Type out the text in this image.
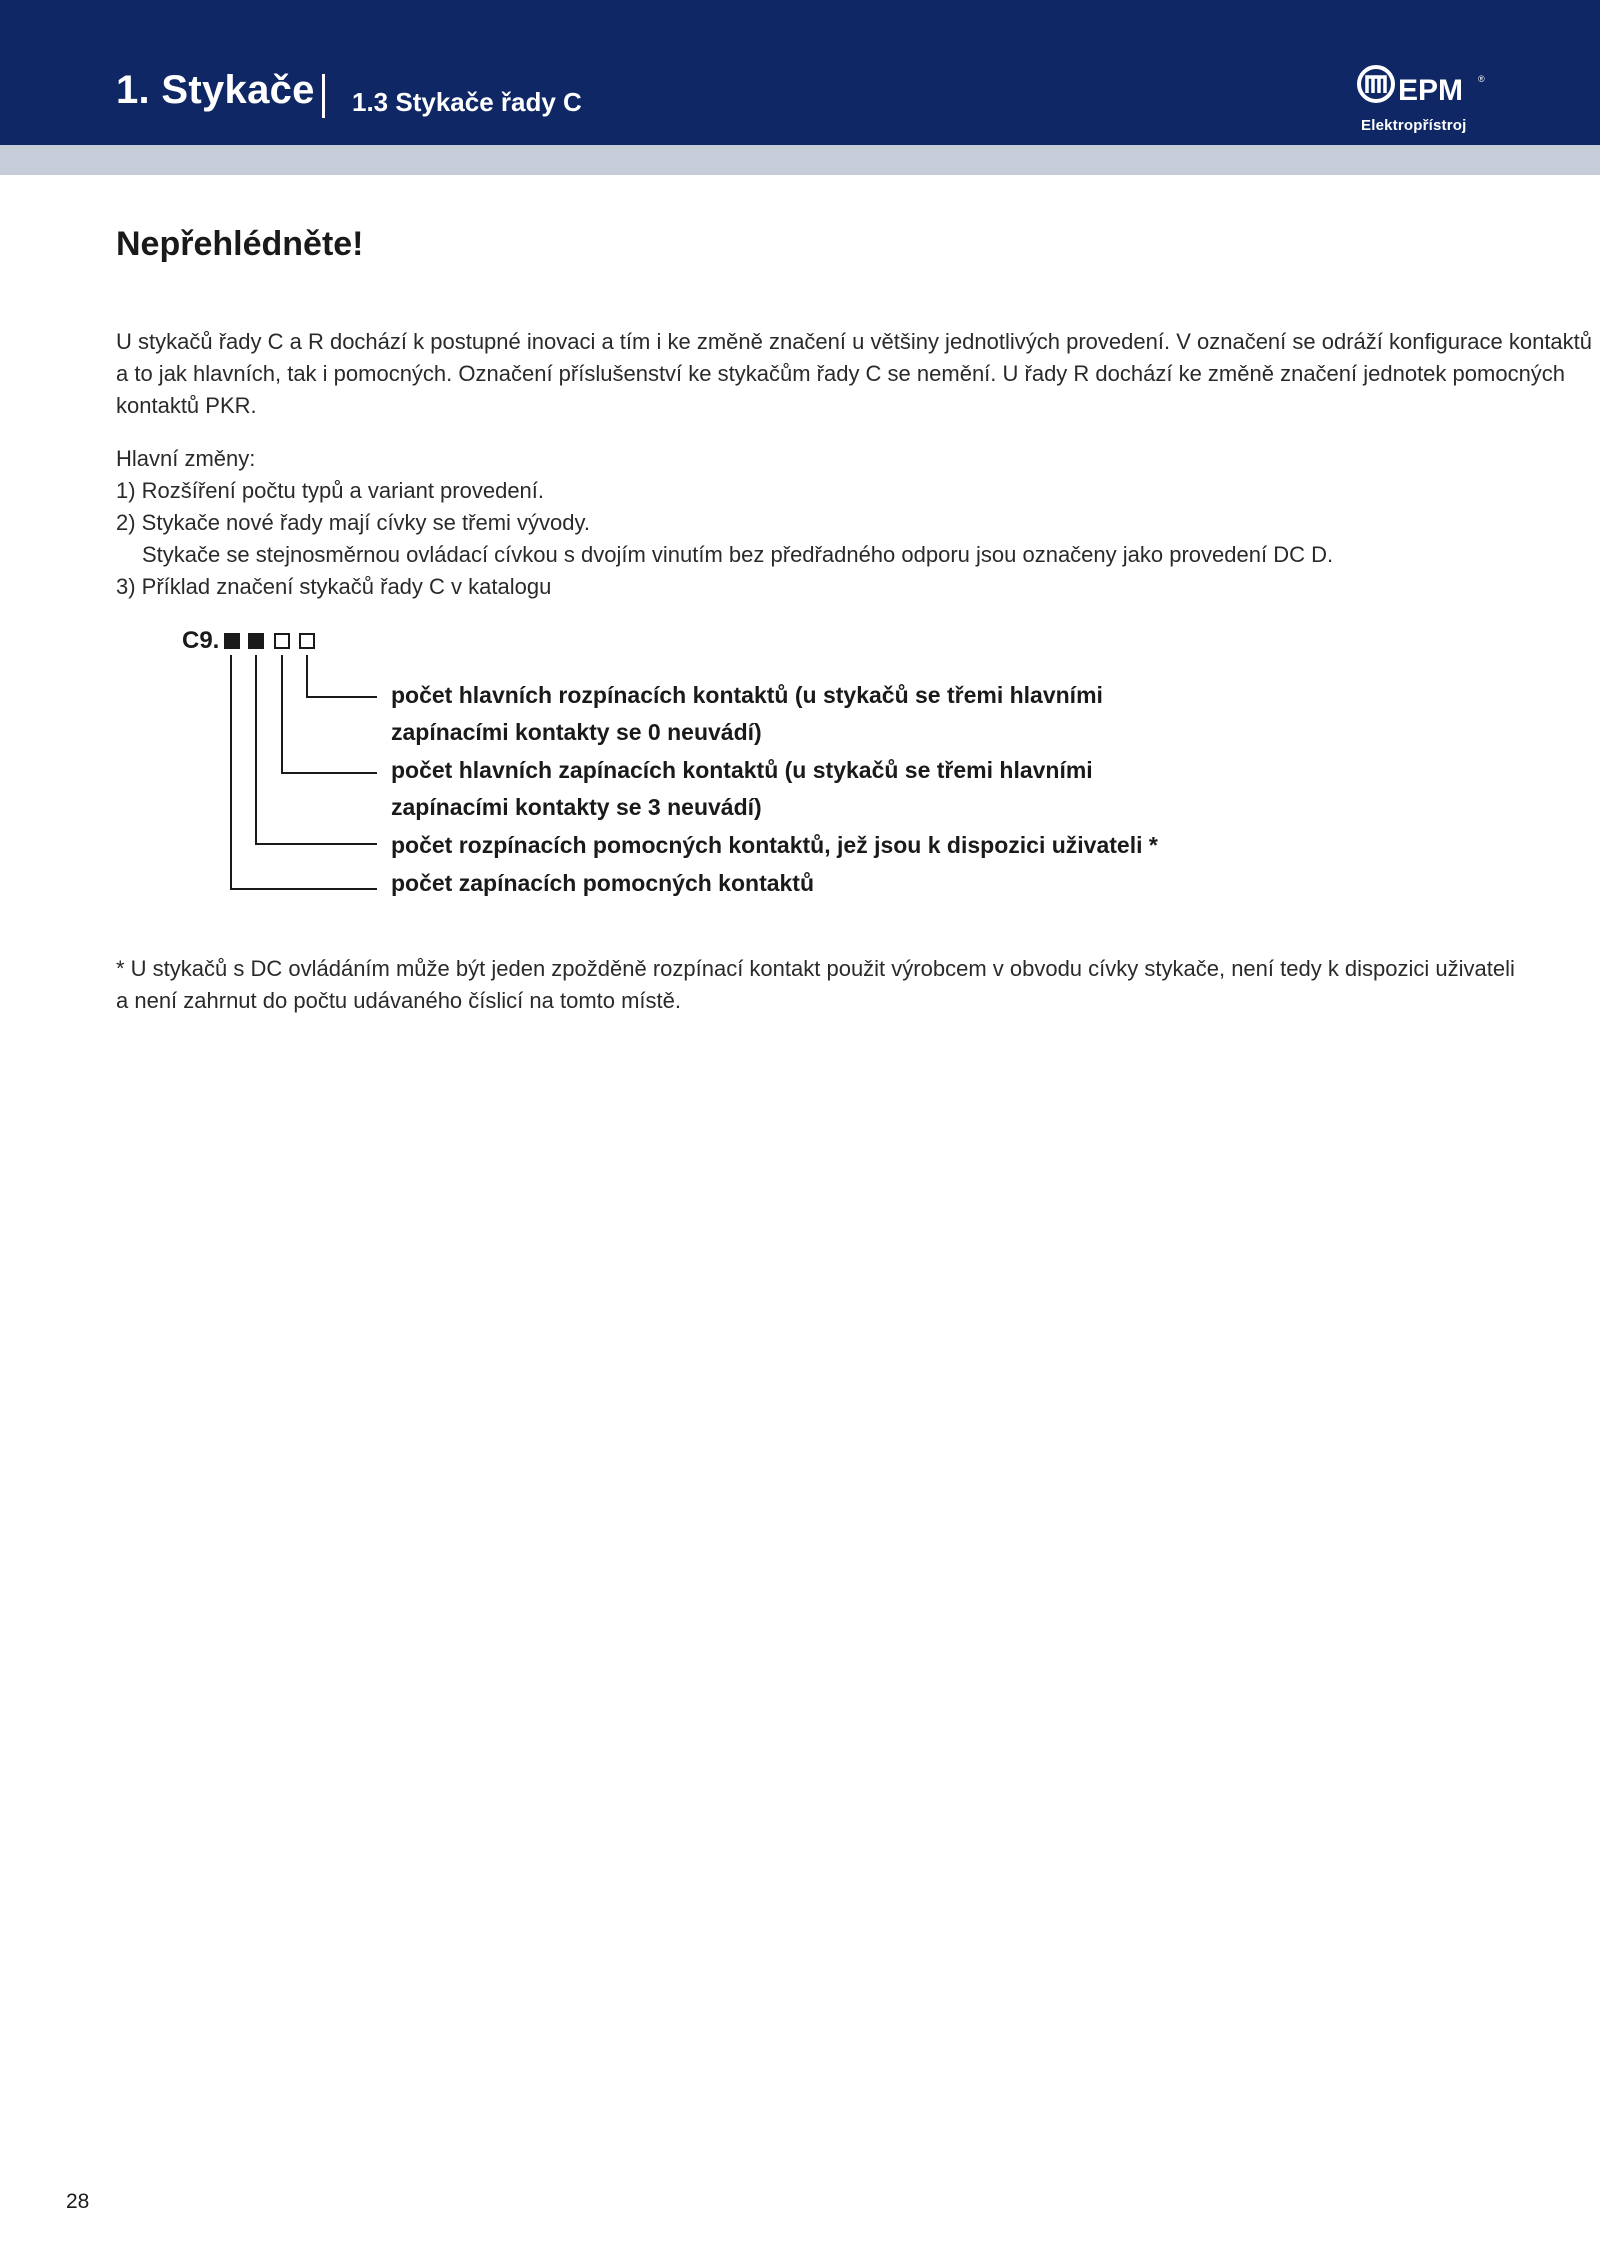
1. Stykače 1.3 Stykače řady C	EPM ®
Elektropřístroj
Nepřehlédněte!
U stykačů řady C a R dochází k postupné inovaci a tím i ke změně značení u většiny jednotlivých provedení. V označení se odráží konfigurace kontaktů
a to jak hlavních, tak i pomocných. Označení příslušenství ke stykačům řady C se nemění. U řady R dochází ke změně značení jednotek pomocných
kontaktů PKR.
Hlavní změny:
1) Rozšíření počtu typů a variant provedení.
2) Stykače nové řady mají cívky se třemi vývody.
Stykače se stejnosměrnou ovládací cívkou s dvojím vinutím bez předřadného odporu jsou označeny jako provedení DC D.
3) Příklad značení stykačů řady C v katalogu
C9.
počet hlavních rozpínacích kontaktů (u stykačů se třemi hlavními
zapínacími kontakty se 0 neuvádí)
počet hlavních zapínacích kontaktů (u stykačů se třemi hlavními
zapínacími kontakty se 3 neuvádí)
počet rozpínacích pomocných kontaktů, jež jsou k dispozici uživateli *
počet zapínacích pomocných kontaktů
* U stykačů s DC ovládáním může být jeden zpožděně rozpínací kontakt použit výrobcem v obvodu cívky stykače, není tedy k dispozici uživateli
a není zahrnut do počtu udávaného číslicí na tomto místě.
28
